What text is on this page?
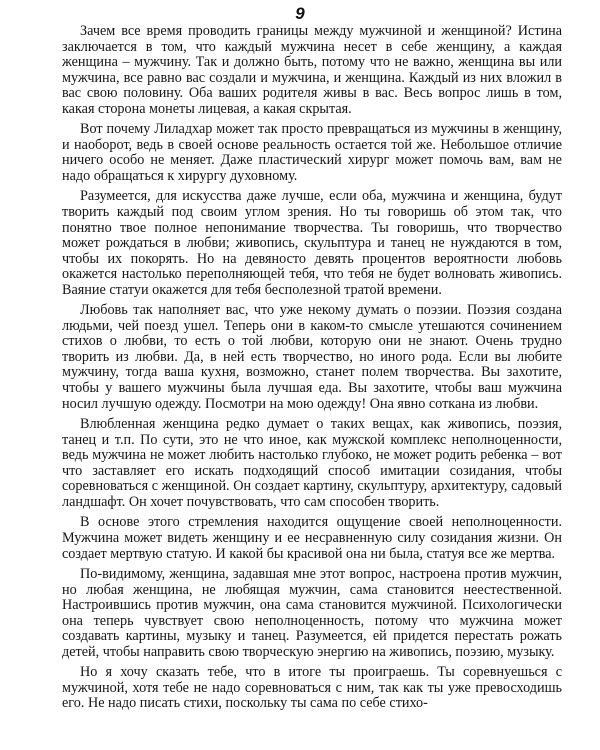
9

Зачем все время проводить границы между мужчиной и женщиной? Истина заключается в том, что каждый мужчина несет в себе женщину, а каждая женщина – мужчину. Так и должно быть, потому что не важно, женщина вы или мужчина, все равно вас создали и мужчина, и женщина. Каждый из них вложил в вас свою половину. Оба ваших родителя живы в вас. Весь вопрос лишь в том, какая сторона монеты лицевая, а какая скрытая.

Вот почему Лиладхар может так просто превращаться из мужчины в женщину, и наоборот, ведь в своей основе реальность остается той же. Небольшое отличие ничего особо не меняет. Даже пластический хирург может помочь вам, вам не надо обращаться к хирургу духовному.

Разумеется, для искусства даже лучше, если оба, мужчина и женщина, будут творить каждый под своим углом зрения. Но ты говоришь об этом так, что понятно твое полное непонимание творчества. Ты говоришь, что творчество может рождаться в любви; живопись, скульптура и танец не нуждаются в том, чтобы их покорять. Но на девяносто девять процентов вероятности любовь окажется настолько переполняющей тебя, что тебя не будет волновать живопись. Ваяние статуи окажется для тебя бесполезной тратой времени.

Любовь так наполняет вас, что уже некому думать о поэзии. Поэзия создана людьми, чей поезд ушел. Теперь они в каком-то смысле утешаются сочинением стихов о любви, то есть о той любви, которую они не знают. Очень трудно творить из любви. Да, в ней есть творчество, но иного рода. Если вы любите мужчину, тогда ваша кухня, возможно, станет полем творчества. Вы захотите, чтобы у вашего мужчины была лучшая еда. Вы захотите, чтобы ваш мужчина носил лучшую одежду. Посмотри на мою одежду! Она явно соткана из любви.

Влюбленная женщина редко думает о таких вещах, как живопись, поэзия, танец и т.п. По сути, это не что иное, как мужской комплекс неполноценности, ведь мужчина не может любить настолько глубоко, не может родить ребенка – вот что заставляет его искать подходящий способ имитации созидания, чтобы соревноваться с женщиной. Он создает картину, скульптуру, архитектуру, садовый ландшафт. Он хочет почувствовать, что сам способен творить.

В основе этого стремления находится ощущение своей неполноценности. Мужчина может видеть женщину и ее несравненную силу созидания жизни. Он создает мертвую статую. И какой бы красивой она ни была, статуя все же мертва.

По-видимому, женщина, задавшая мне этот вопрос, настроена против мужчин, но любая женщина, не любящая мужчин, сама становится неестественной. Настроившись против мужчин, она сама становится мужчиной. Психологически она теперь чувствует свою неполноценность, потому что мужчина может создавать картины, музыку и танец. Разумеется, ей придется перестать рожать детей, чтобы направить свою творческую энергию на живопись, поэзию, музыку.

Но я хочу сказать тебе, что в итоге ты проиграешь. Ты соревнуешься с мужчиной, хотя тебе не надо соревноваться с ним, так как ты уже превосходишь его. Не надо писать стихи, поскольку ты сама по себе стихо-
